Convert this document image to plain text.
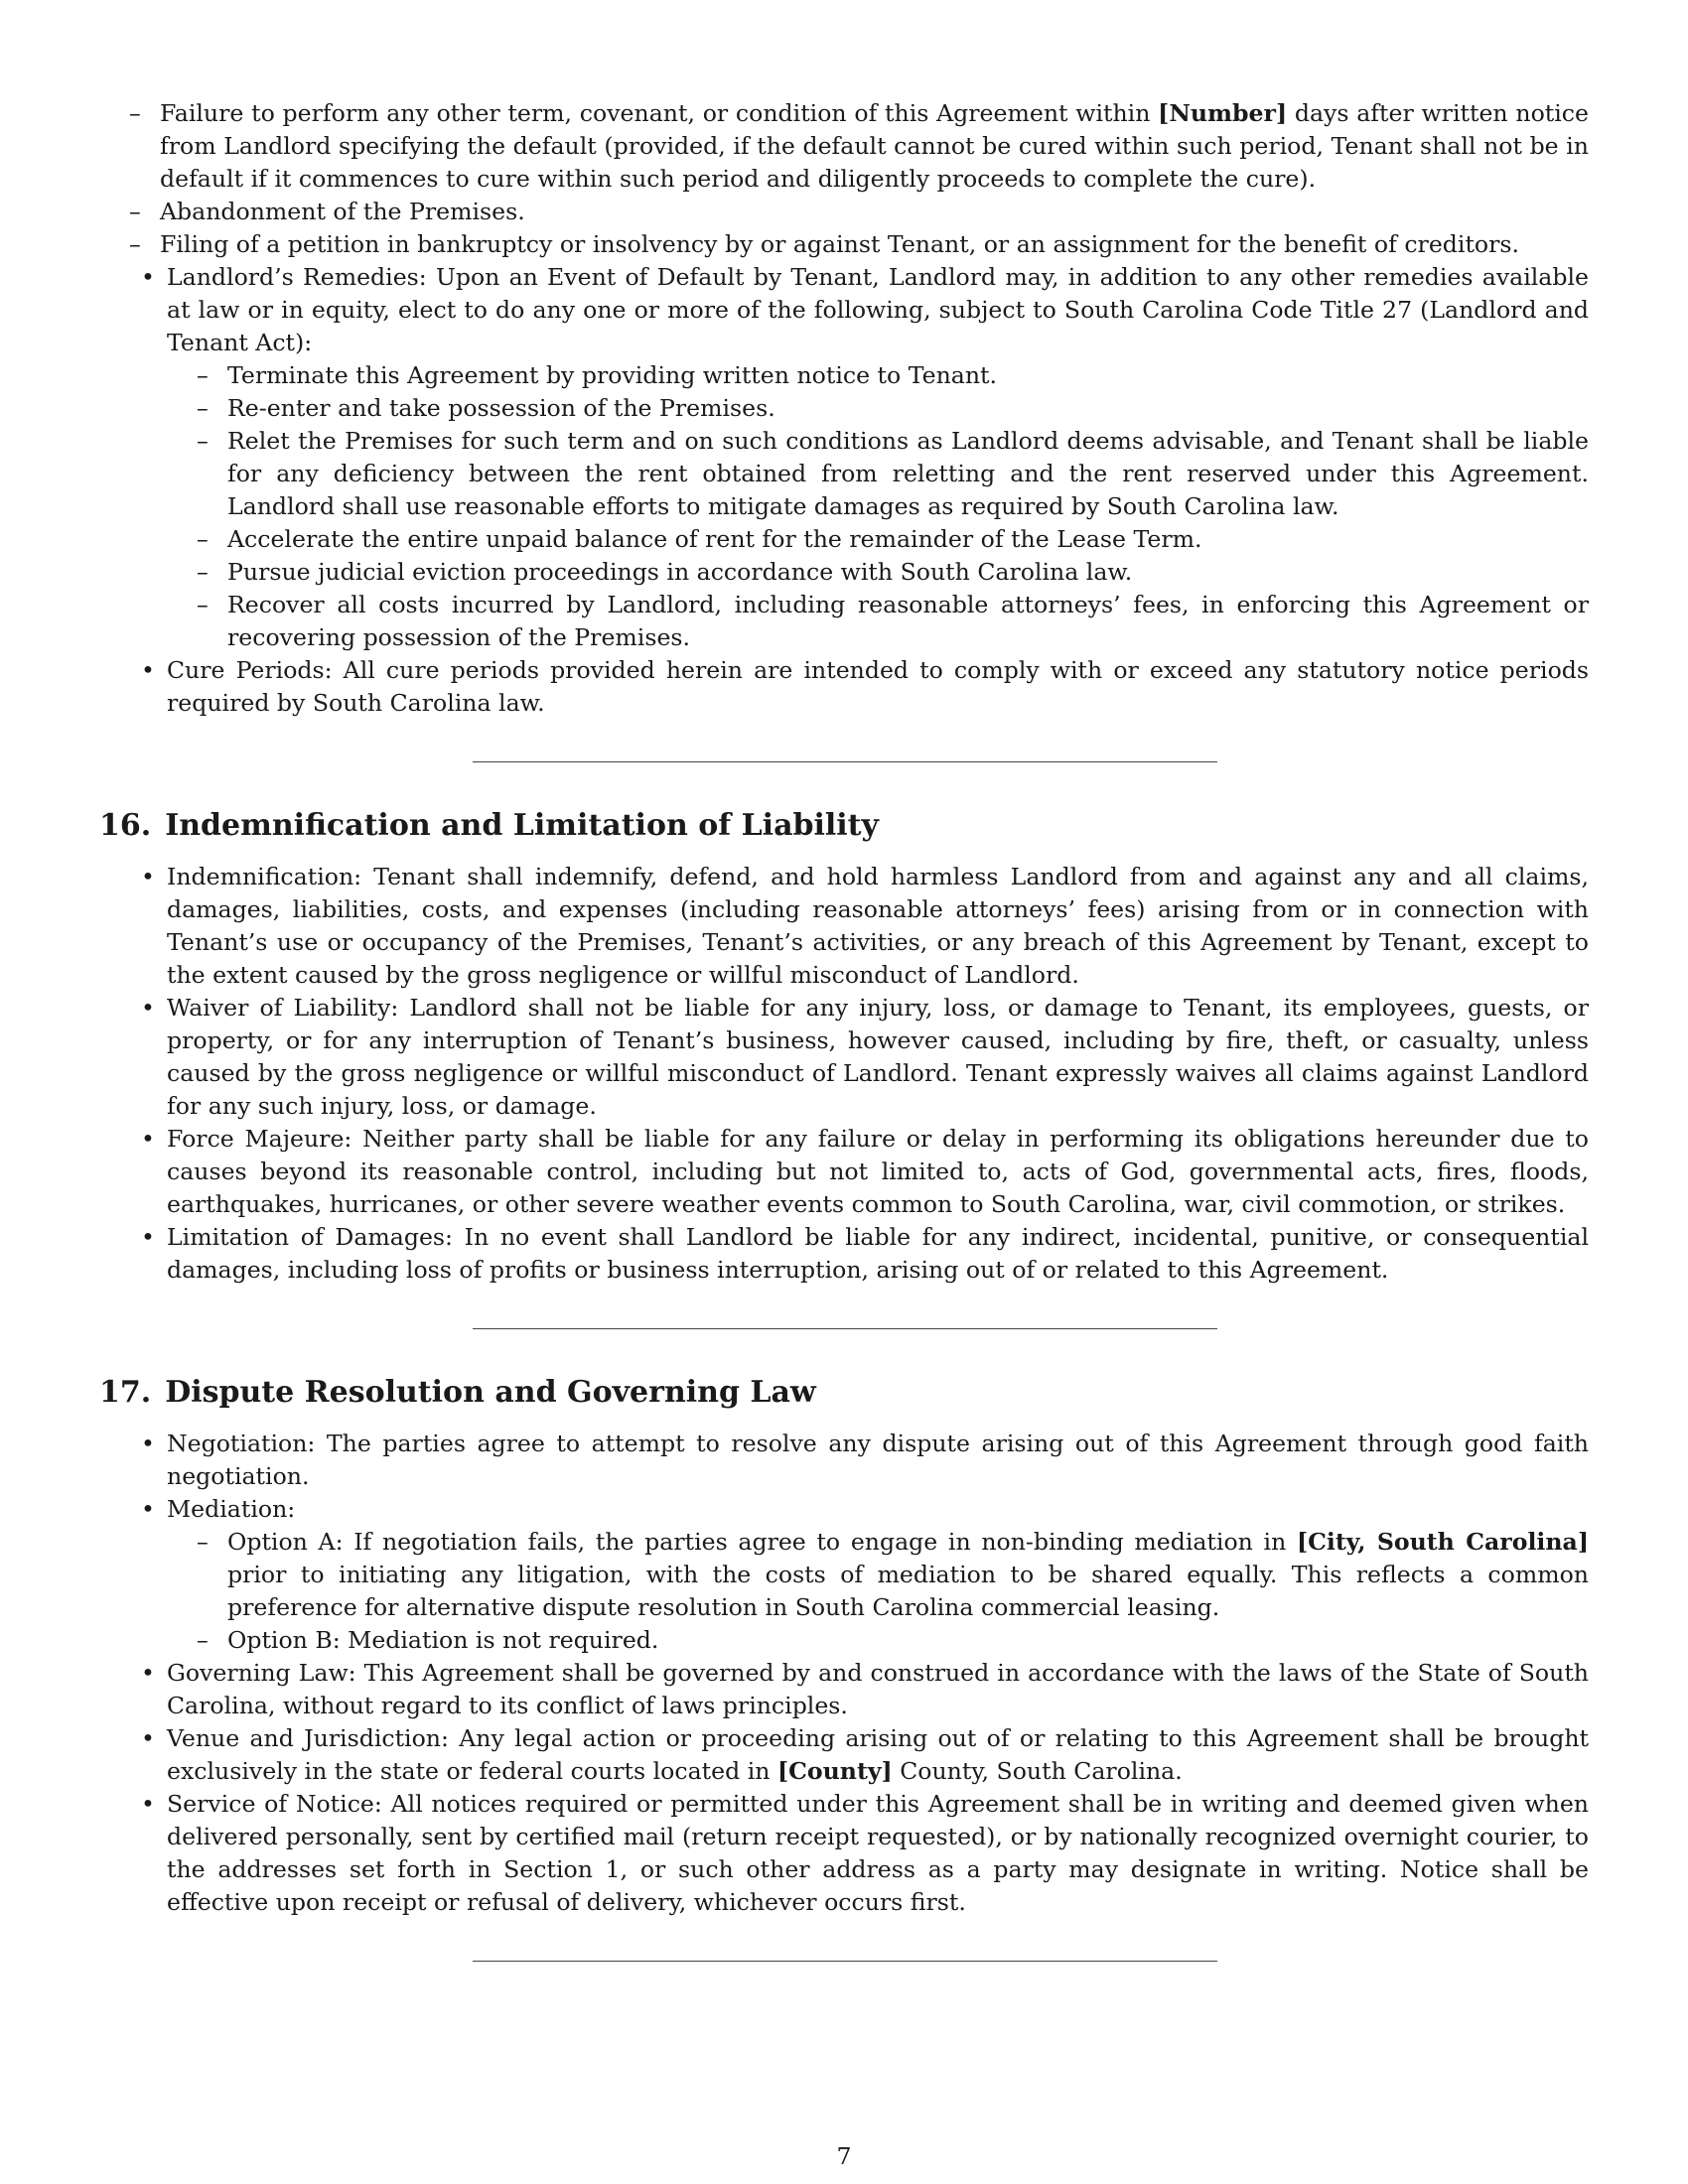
– Failure to perform any other term, covenant, or condition of this Agreement within [Number] days after written notice from Landlord specifying the default (provided, if the default cannot be cured within such period, Tenant shall not be in default if it commences to cure within such period and diligently proceeds to complete the cure).
– Abandonment of the Premises.
– Filing of a petition in bankruptcy or insolvency by or against Tenant, or an assignment for the benefit of creditors.
• Landlord’s Remedies: Upon an Event of Default by Tenant, Landlord may, in addition to any other remedies available at law or in equity, elect to do any one or more of the following, subject to South Carolina Code Title 27 (Landlord and Tenant Act):
– Terminate this Agreement by providing written notice to Tenant.
– Re-enter and take possession of the Premises.
– Relet the Premises for such term and on such conditions as Landlord deems advisable, and Tenant shall be liable for any deficiency between the rent obtained from reletting and the rent reserved under this Agreement. Landlord shall use reasonable efforts to mitigate damages as required by South Carolina law.
– Accelerate the entire unpaid balance of rent for the remainder of the Lease Term.
– Pursue judicial eviction proceedings in accordance with South Carolina law.
– Recover all costs incurred by Landlord, including reasonable attorneys’ fees, in enforcing this Agreement or recovering possession of the Premises.
• Cure Periods: All cure periods provided herein are intended to comply with or exceed any statutory notice periods required by South Carolina law.
16. Indemnification and Limitation of Liability
• Indemnification: Tenant shall indemnify, defend, and hold harmless Landlord from and against any and all claims, damages, liabilities, costs, and expenses (including reasonable attorneys’ fees) arising from or in connection with Tenant’s use or occupancy of the Premises, Tenant’s activities, or any breach of this Agreement by Tenant, except to the extent caused by the gross negligence or willful misconduct of Landlord.
• Waiver of Liability: Landlord shall not be liable for any injury, loss, or damage to Tenant, its employees, guests, or property, or for any interruption of Tenant’s business, however caused, including by fire, theft, or casualty, unless caused by the gross negligence or willful misconduct of Landlord. Tenant expressly waives all claims against Landlord for any such injury, loss, or damage.
• Force Majeure: Neither party shall be liable for any failure or delay in performing its obligations hereunder due to causes beyond its reasonable control, including but not limited to, acts of God, governmental acts, fires, floods, earthquakes, hurricanes, or other severe weather events common to South Carolina, war, civil commotion, or strikes.
• Limitation of Damages: In no event shall Landlord be liable for any indirect, incidental, punitive, or consequential damages, including loss of profits or business interruption, arising out of or related to this Agreement.
17. Dispute Resolution and Governing Law
• Negotiation: The parties agree to attempt to resolve any dispute arising out of this Agreement through good faith negotiation.
• Mediation:
– Option A: If negotiation fails, the parties agree to engage in non-binding mediation in [City, South Carolina] prior to initiating any litigation, with the costs of mediation to be shared equally. This reflects a common preference for alternative dispute resolution in South Carolina commercial leasing.
– Option B: Mediation is not required.
• Governing Law: This Agreement shall be governed by and construed in accordance with the laws of the State of South Carolina, without regard to its conflict of laws principles.
• Venue and Jurisdiction: Any legal action or proceeding arising out of or relating to this Agreement shall be brought exclusively in the state or federal courts located in [County] County, South Carolina.
• Service of Notice: All notices required or permitted under this Agreement shall be in writing and deemed given when delivered personally, sent by certified mail (return receipt requested), or by nationally recognized overnight courier, to the addresses set forth in Section 1, or such other address as a party may designate in writing. Notice shall be effective upon receipt or refusal of delivery, whichever occurs first.
7
